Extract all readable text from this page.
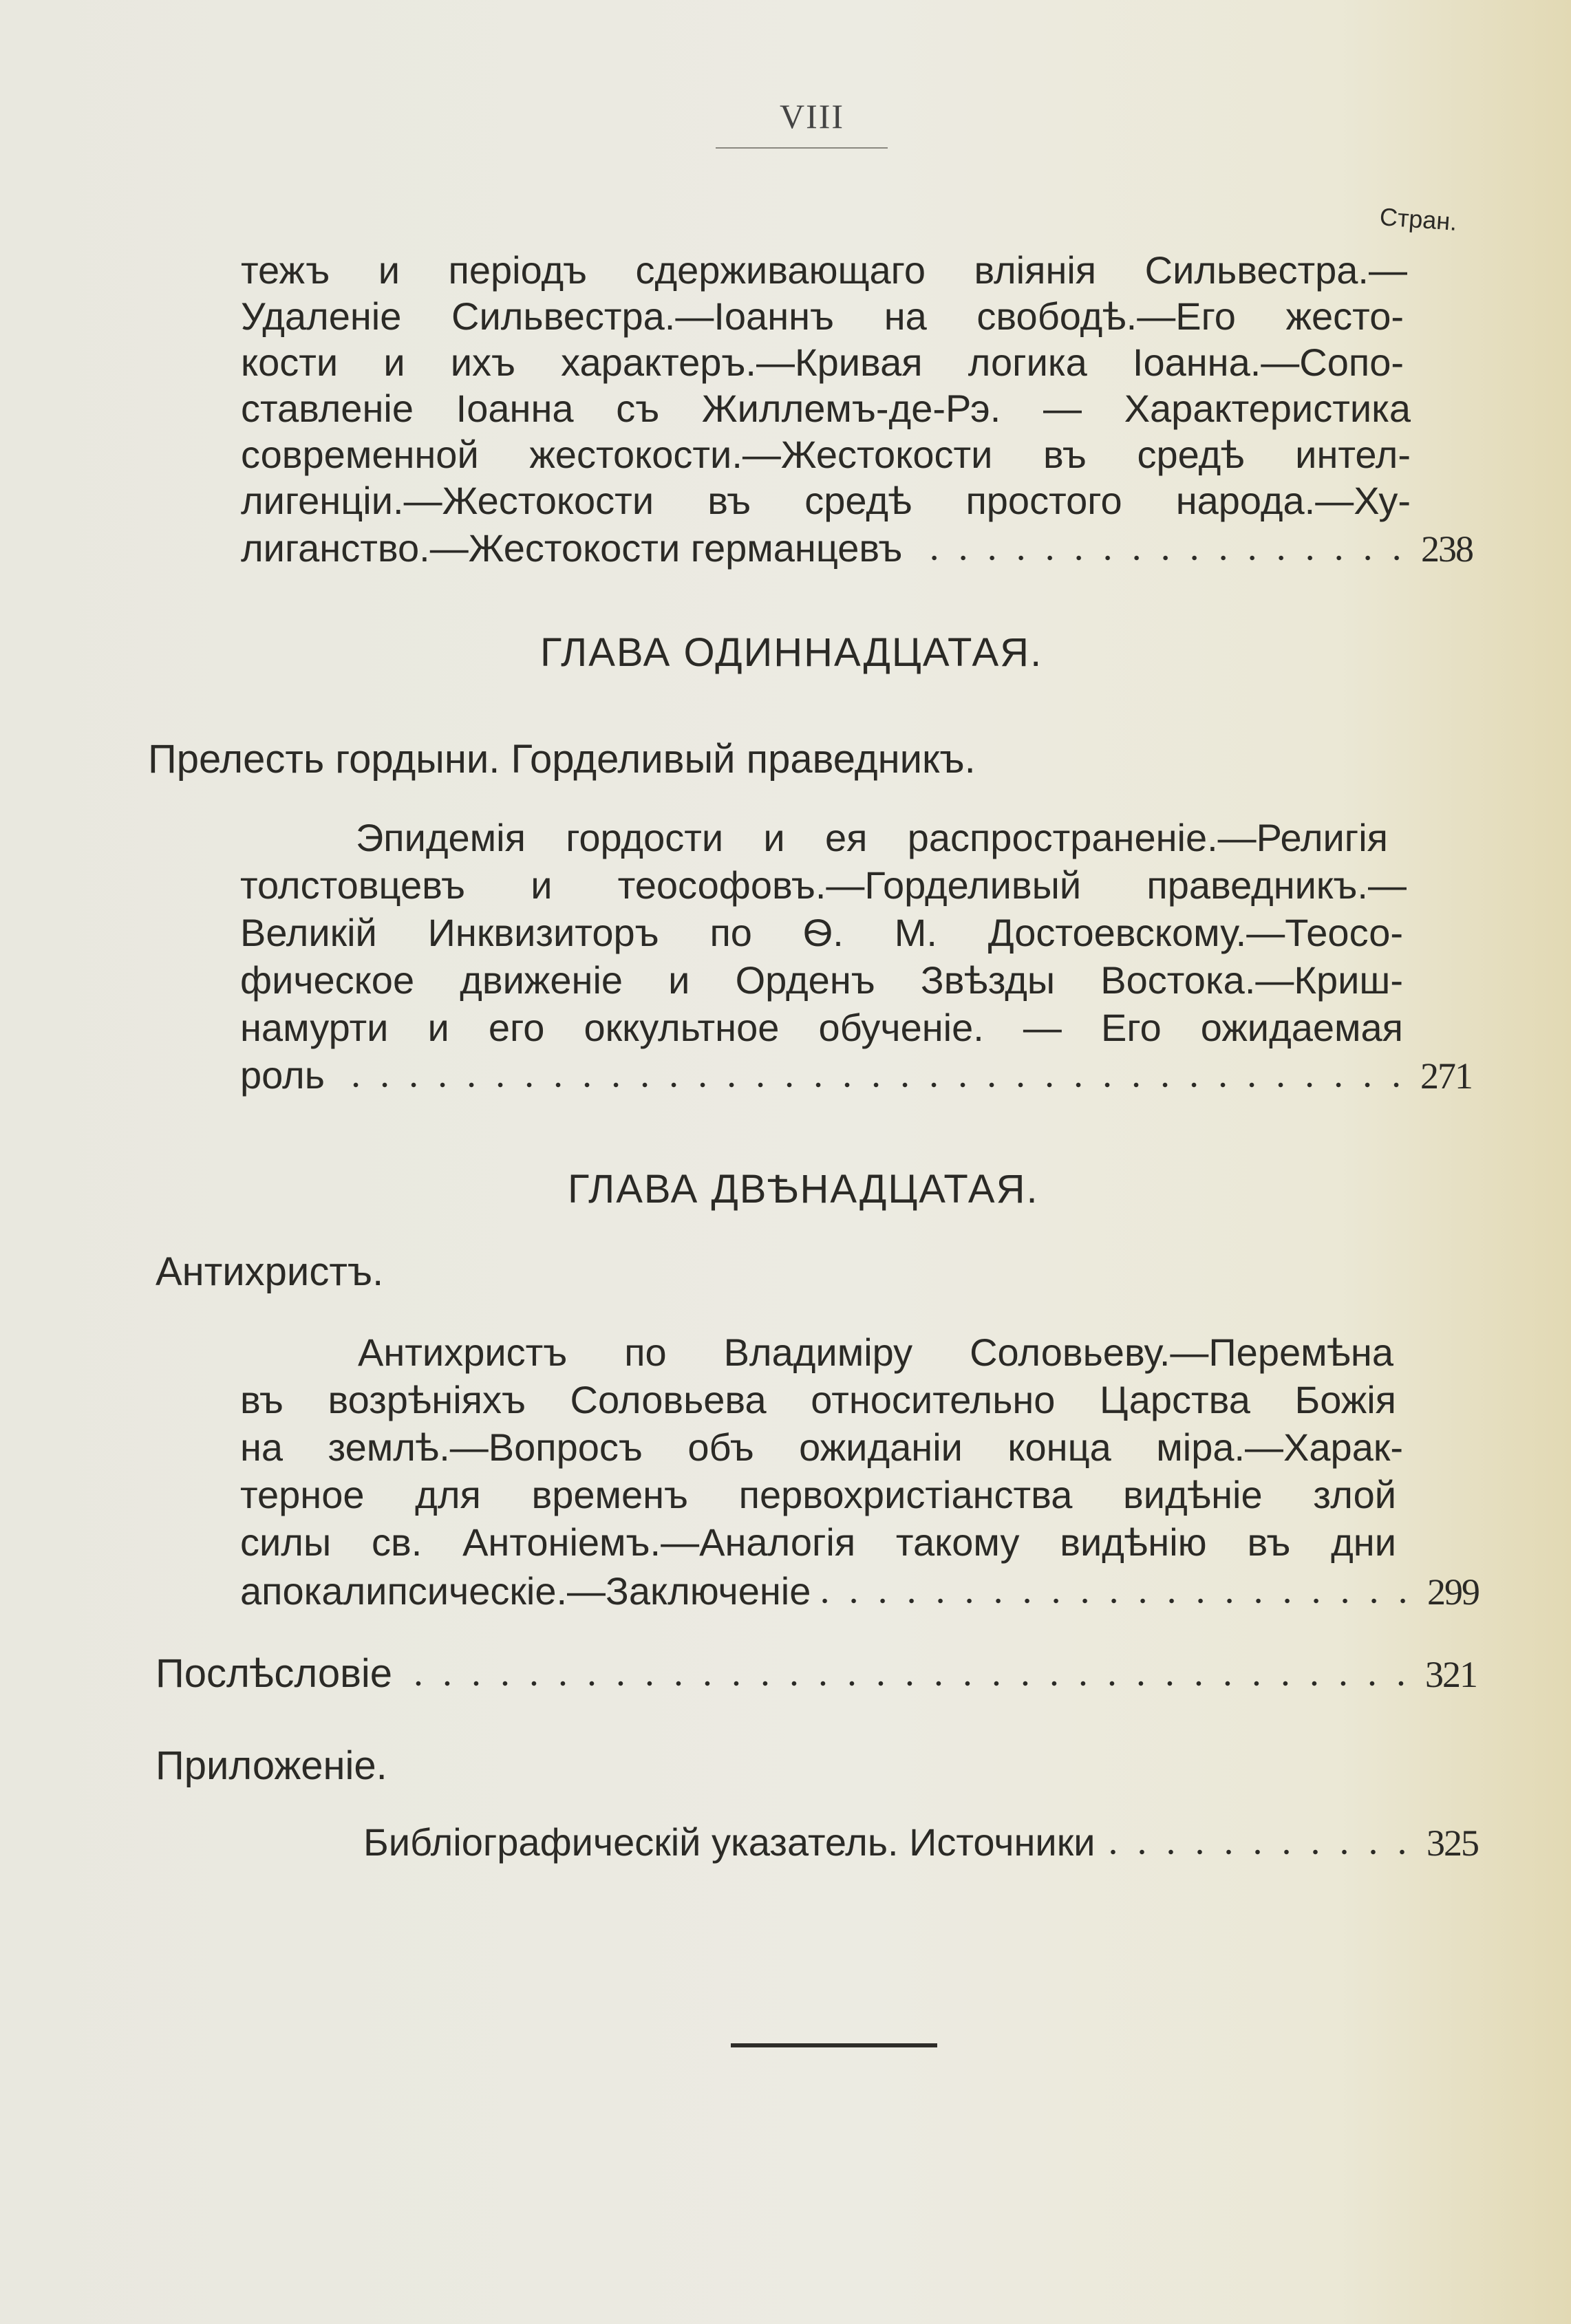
VIII
Стран.
тежъ и періодъ сдерживающаго вліянія Сильвестра.—
Удаленіе Сильвестра.—Іоаннъ на свободѣ.—Его жесто-
кости и ихъ характеръ.—Кривая логика Іоанна.—Сопо-
ставленіе Іоанна съ Жиллемъ-де-Рэ. — Характеристика
современной жестокости.—Жестокости въ средѣ интел-
лигенціи.—Жестокости въ средѣ простого народа.—Ху-
лиганство.—Жестокости германцевъ	238
ГЛАВА ОДИННАДЦАТАЯ.
Прелесть гордыни. Горделивый праведникъ.
Эпидемія гордости и ея распространеніе.—Религія
толстовцевъ и теософовъ.—Горделивый праведникъ.—
Великій Инквизиторъ по Ѳ. М. Достоевскому.—Теосо-
фическое движеніе и Орденъ Звѣзды Востока.—Криш-
намурти и его оккультное обученіе. — Его ожидаемая
роль	271
ГЛАВА ДВѢНАДЦАТАЯ.
Антихристъ.
Антихристъ по Владиміру Соловьеву.—Перемѣна
въ возрѣніяхъ Соловьева относительно Царства Божія
на землѣ.—Вопросъ объ ожиданіи конца міра.—Харак-
терное для временъ первохристіанства видѣніе злой
силы св. Антоніемъ.—Аналогія такому видѣнію въ дни
апокалипсическіе.—Заключеніе	299
Послѣсловіе	321
Приложеніе.
Библіографическій указатель. Источники	325
